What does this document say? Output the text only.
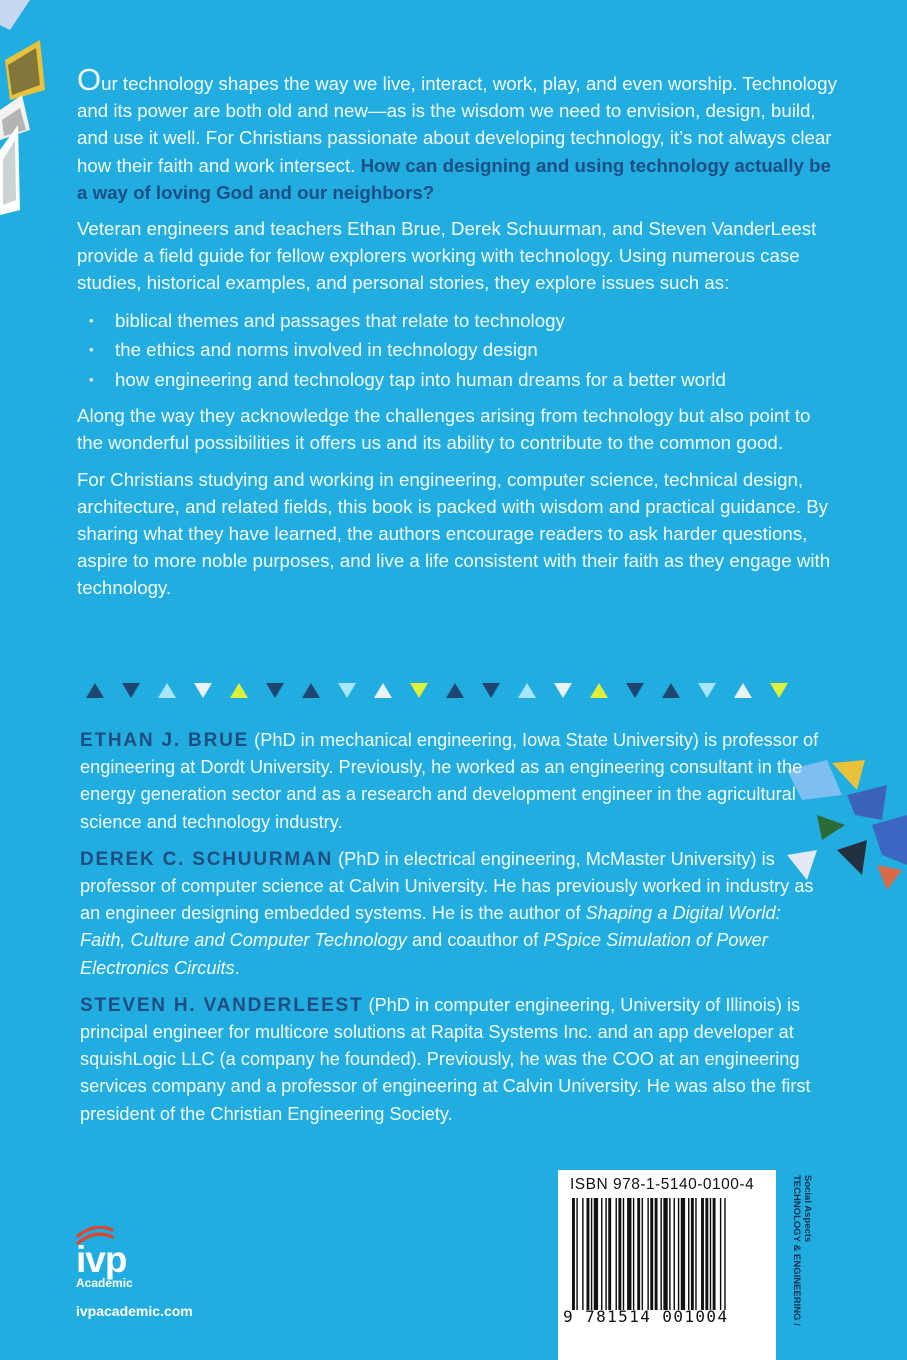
Our technology shapes the way we live, interact, work, play, and even worship. Technology and its power are both old and new—as is the wisdom we need to envision, design, build, and use it well. For Christians passionate about developing technology, it’s not always clear how their faith and work intersect. How can designing and using technology actually be a way of loving God and our neighbors?

Veteran engineers and teachers Ethan Brue, Derek Schuurman, and Steven VanderLeest provide a field guide for fellow explorers working with technology. Using numerous case studies, historical examples, and personal stories, they explore issues such as:

• biblical themes and passages that relate to technology
• the ethics and norms involved in technology design
• how engineering and technology tap into human dreams for a better world

Along the way they acknowledge the challenges arising from technology but also point to the wonderful possibilities it offers us and its ability to contribute to the common good.

For Christians studying and working in engineering, computer science, technical design, architecture, and related fields, this book is packed with wisdom and practical guidance. By sharing what they have learned, the authors encourage readers to ask harder questions, aspire to more noble purposes, and live a life consistent with their faith as they engage with technology.

ETHAN J. BRUE (PhD in mechanical engineering, Iowa State University) is professor of engineering at Dordt University. Previously, he worked as an engineering consultant in the energy generation sector and as a research and development engineer in the agricultural science and technology industry.

DEREK C. SCHUURMAN (PhD in electrical engineering, McMaster University) is professor of computer science at Calvin University. He has previously worked in industry as an engineer designing embedded systems. He is the author of Shaping a Digital World: Faith, Culture and Computer Technology and coauthor of PSpice Simulation of Power Electronics Circuits.

STEVEN H. VANDERLEEST (PhD in computer engineering, University of Illinois) is principal engineer for multicore solutions at Rapita Systems Inc. and an app developer at squishLogic LLC (a company he founded). Previously, he was the COO at an engineering services company and a professor of engineering at Calvin University. He was also the first president of the Christian Engineering Society.

ivp
Academic
ivpacademic.com
ISBN 978-1-5140-0100-4
9 781514 001004	TECHNOLOGY & ENGINEERING / Social Aspects
